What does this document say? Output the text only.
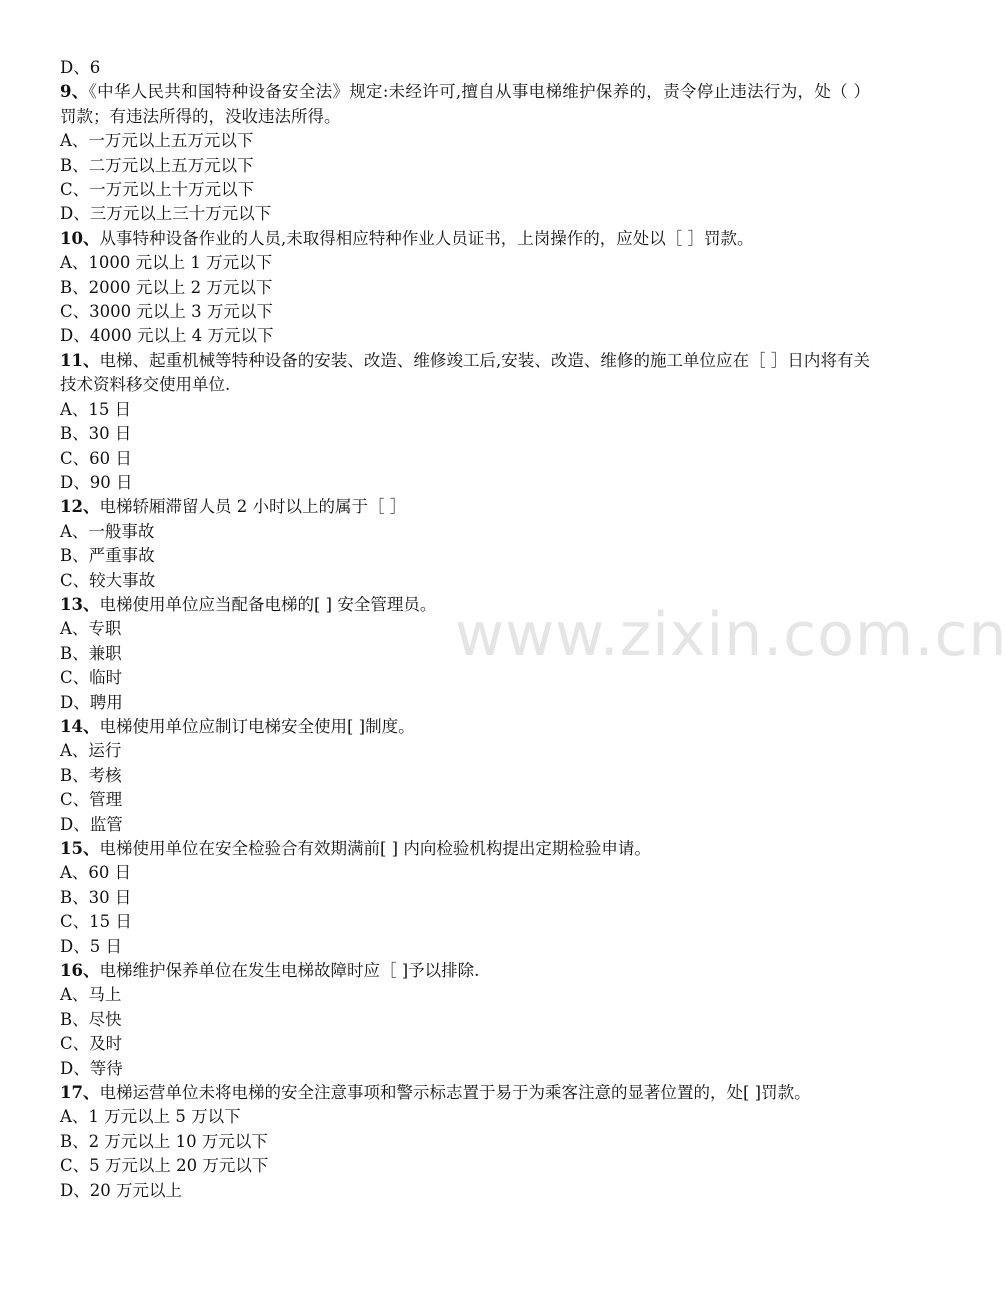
D、6
9、《中华人民共和国特种设备安全法》规定:未经许可,擅自从事电梯维护保养的，责令停止违法行为，处（ ）罚款；有违法所得的，没收违法所得。
A、一万元以上五万元以下
B、二万元以上五万元以下
C、一万元以上十万元以下
D、三万元以上三十万元以下
10、从事特种设备作业的人员,未取得相应特种作业人员证书，上岗操作的，应处以［ ］罚款。
A、1000 元以上 1 万元以下
B、2000 元以上 2 万元以下
C、3000 元以上 3 万元以下
D、4000 元以上 4 万元以下
11、电梯、起重机械等特种设备的安装、改造、维修竣工后,安装、改造、维修的施工单位应在［ ］日内将有关技术资料移交使用单位.
A、15 日
B、30 日
C、60 日
D、90 日
12、电梯轿厢滞留人员 2 小时以上的属于［ ］
A、一般事故
B、严重事故
C、较大事故
13、电梯使用单位应当配备电梯的[ ] 安全管理员。
A、专职
B、兼职
C、临时
D、聘用
14、电梯使用单位应制订电梯安全使用[ ]制度。
A、运行
B、考核
C、管理
D、监管
15、电梯使用单位在安全检验合有效期满前[ ] 内向检验机构提出定期检验申请。
A、60 日
B、30 日
C、15 日
D、5 日
16、电梯维护保养单位在发生电梯故障时应［ ]予以排除.
A、马上
B、尽快
C、及时
D、等待
17、电梯运营单位未将电梯的安全注意事项和警示标志置于易于为乘客注意的显著位置的，处[ ]罚款。
A、1 万元以上 5 万以下
B、2 万元以上 10 万元以下
C、5 万元以上 20 万元以下
D、20 万元以上
www.zixin.com.cn
